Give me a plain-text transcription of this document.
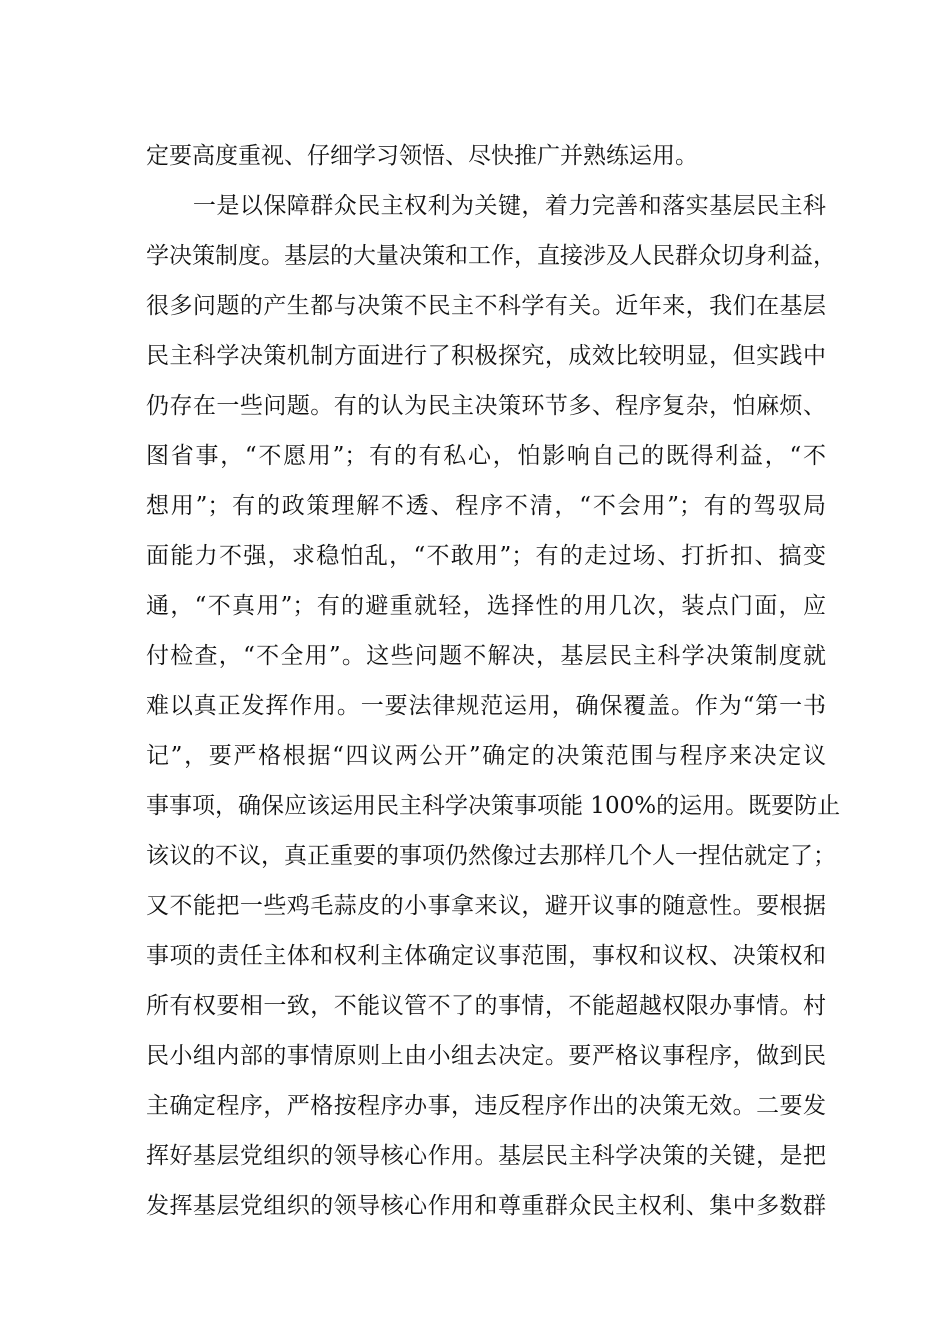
定要高度重视、仔细学习领悟、尽快推广并熟练运用。
　　一是以保障群众民主权利为关键，着力完善和落实基层民主科
学决策制度。基层的大量决策和工作，直接涉及人民群众切身利益，
很多问题的产生都与决策不民主不科学有关。近年来，我们在基层
民主科学决策机制方面进行了积极探究，成效比较明显，但实践中
仍存在一些问题。有的认为民主决策环节多、程序复杂，怕麻烦、
图省事，“不愿用”；有的有私心，怕影响自己的既得利益，“不
想用”；有的政策理解不透、程序不清，“不会用”；有的驾驭局
面能力不强，求稳怕乱，“不敢用”；有的走过场、打折扣、搞变
通，“不真用”；有的避重就轻，选择性的用几次，装点门面，应
付检查，“不全用”。这些问题不解决，基层民主科学决策制度就
难以真正发挥作用。一要法律规范运用，确保覆盖。作为“第一书
记”，要严格根据“四议两公开”确定的决策范围与程序来决定议
事事项，确保应该运用民主科学决策事项能 100%的运用。既要防止
该议的不议，真正重要的事项仍然像过去那样几个人一捏估就定了；
又不能把一些鸡毛蒜皮的小事拿来议，避开议事的随意性。要根据
事项的责任主体和权利主体确定议事范围，事权和议权、决策权和
所有权要相一致，不能议管不了的事情，不能超越权限办事情。村
民小组内部的事情原则上由小组去决定。要严格议事程序，做到民
主确定程序，严格按程序办事，违反程序作出的决策无效。二要发
挥好基层党组织的领导核心作用。基层民主科学决策的关键，是把
发挥基层党组织的领导核心作用和尊重群众民主权利、集中多数群
